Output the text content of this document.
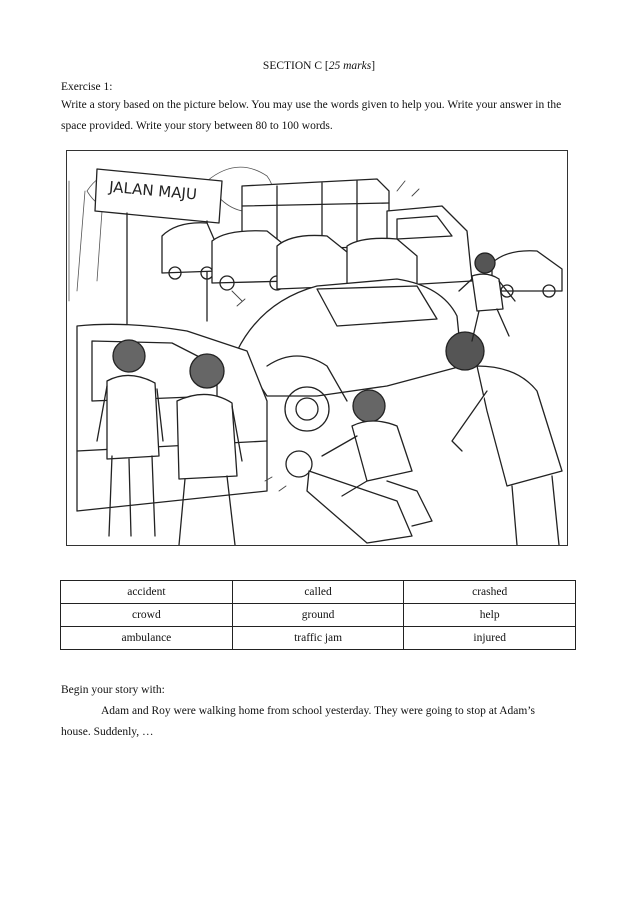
SECTION C [25 marks]
Exercise 1:
Write a story based on the picture below. You may use the words given to help you. Write your answer in the
space provided. Write your story between 80 to 100 words.
JALAN MAJU
accident	called	crashed
crowd	ground	help
ambulance	traffic jam	injured
Begin your story with:
Adam and Roy were walking home from school yesterday. They were going to stop at Adam’s
house. Suddenly, …
